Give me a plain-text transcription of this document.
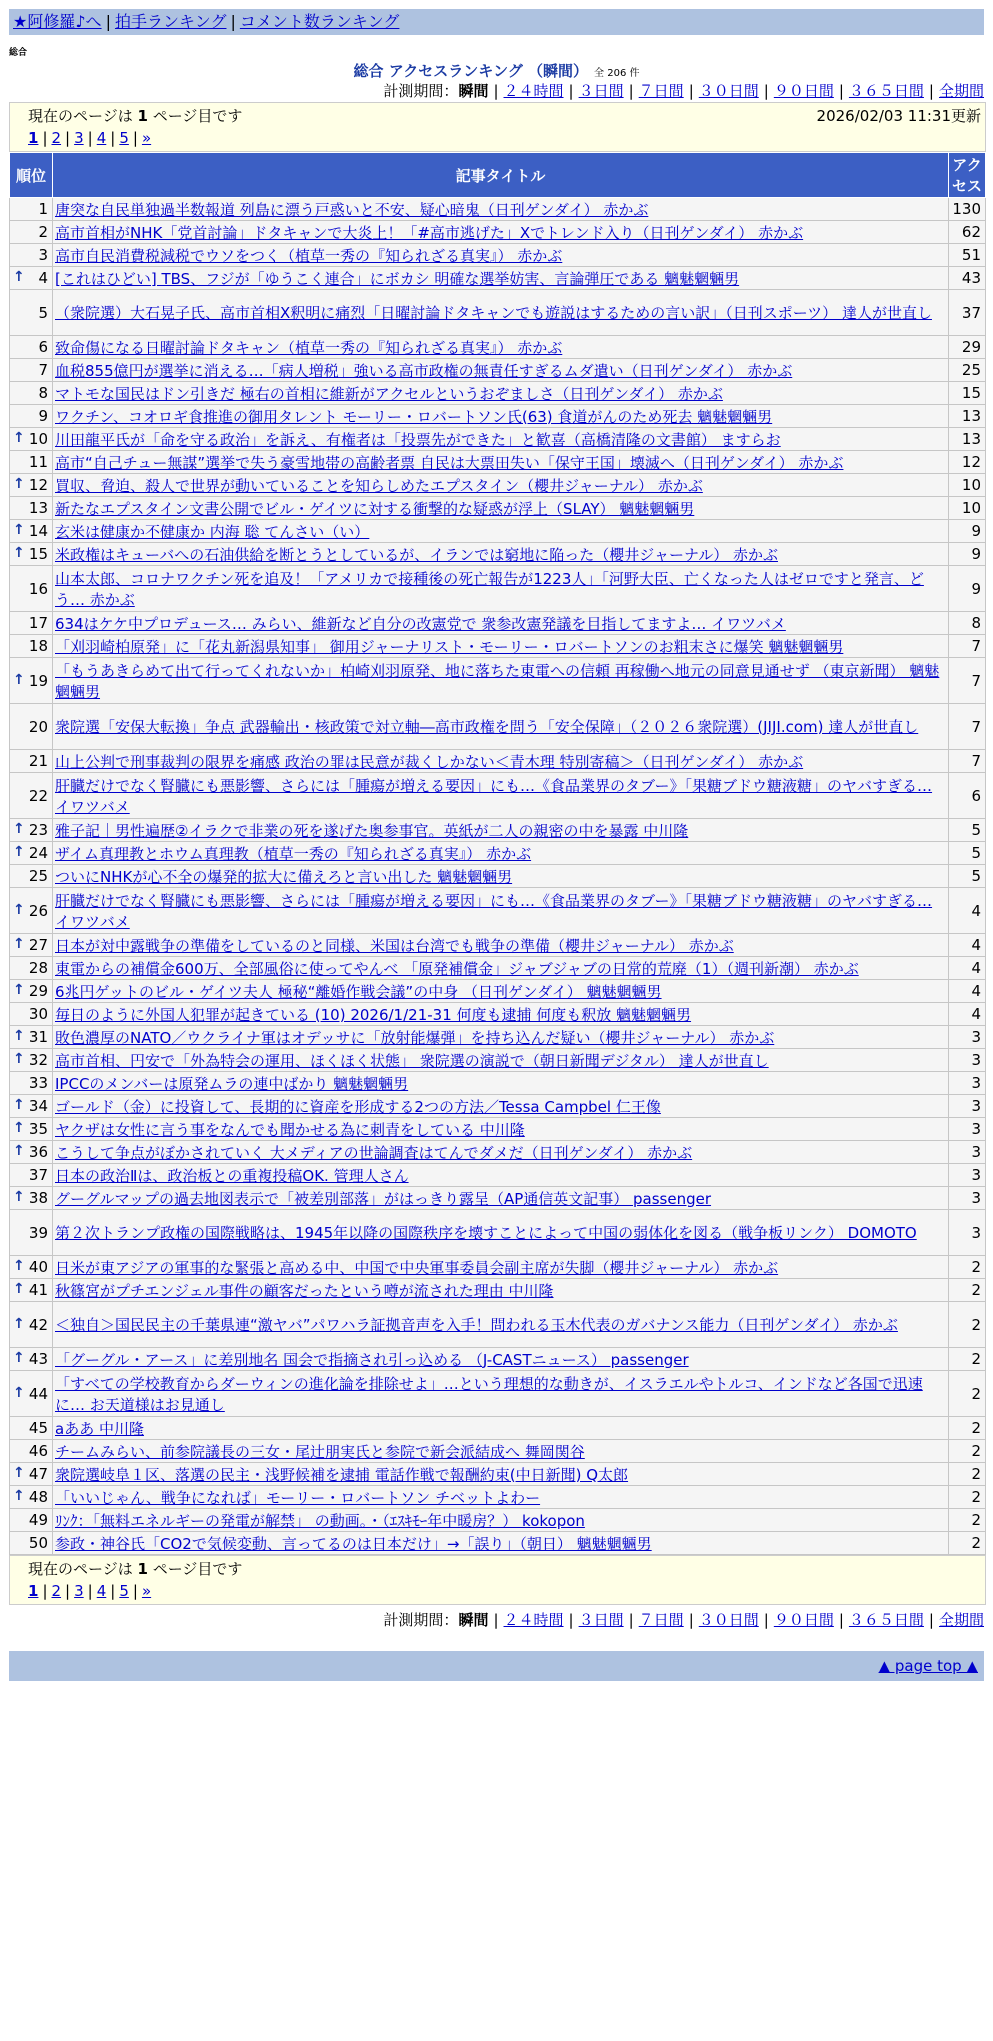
★阿修羅♪へ | 拍手ランキング | コメント数ランキング
総合
総合 アクセスランキング （瞬間） 全 206 件
計測期間：瞬間 | ２４時間 | ３日間 | ７日間 | ３０日間 | ９０日間 | ３６５日間 | 全期間
現在のページは 1 ページ目です	2026/02/03 11:31更新
1 | 2 | 3 | 4 | 5 | »
順位	記事タイトル	アクセス
1	唐突な自民単独過半数報道 列島に漂う戸惑いと不安、疑心暗鬼（日刊ゲンダイ） 赤かぶ	130
2	高市首相がNHK「党首討論」ドタキャンで大炎上！「#高市逃げた」Xでトレンド入り（日刊ゲンダイ） 赤かぶ	62
3	高市自民消費税減税でウソをつく（植草一秀の『知られざる真実』） 赤かぶ	51

↑ 4	[これはひどい] TBS、フジが「ゆうこく連合」にボカシ 明確な選挙妨害、言論弾圧である 魑魅魍魎男	43
5	（衆院選）大石晃子氏、高市首相X釈明に痛烈「日曜討論ドタキャンでも遊説はするための言い訳」（日刊スポーツ） 達人が世直し	37
6	致命傷になる日曜討論ドタキャン（植草一秀の『知られざる真実』） 赤かぶ	29
7	血税855億円が選挙に消える…「病人増税」強いる高市政権の無責任すぎるムダ遣い（日刊ゲンダイ） 赤かぶ	25
8	マトモな国民はドン引きだ 極右の首相に維新がアクセルというおぞましさ（日刊ゲンダイ） 赤かぶ	15
9	ワクチン、コオロギ食推進の御用タレント モーリー・ロバートソン氏(63) 食道がんのため死去 魑魅魍魎男	13

↑ 10	川田龍平氏が「命を守る政治」を訴え、有権者は「投票先ができた」と歓喜（高橋清隆の文書館） ますらお	13
11	高市“自己チュー無謀”選挙で失う豪雪地帯の高齢者票 自民は大票田失い「保守王国」壊滅へ（日刊ゲンダイ） 赤かぶ	12

↑ 12	買収、脅迫、殺人で世界が動いていることを知らしめたエプスタイン（櫻井ジャーナル） 赤かぶ	10
13	新たなエプスタイン文書公開でビル・ゲイツに対する衝撃的な疑惑が浮上（SLAY） 魑魅魍魎男	10

↑ 14	玄米は健康か不健康か 内海 聡 てんさい（い）	9

↑ 15	米政権はキューバへの石油供給を断とうとしているが、イランでは窮地に陥った（櫻井ジャーナル） 赤かぶ	9
16	山本太郎、コロナワクチン死を追及！「アメリカで接種後の死亡報告が1223人」「河野大臣、亡くなった人はゼロですと発言、どう… 赤かぶ	9
17	634はケケ中プロデュース… みらい、維新など自分の改憲党で 衆参改憲発議を目指してますよ… イワツバメ	8
18	「刈羽崎柏原発」に「花丸新潟県知事」 御用ジャーナリスト・モーリー・ロバートソンのお粗末さに爆笑 魑魅魍魎男	7

↑ 19	「もうあきらめて出て行ってくれないか」柏崎刈羽原発、地に落ちた東電への信頼 再稼働へ地元の同意見通せず （東京新聞） 魑魅魍魎男	7
20	衆院選「安保大転換」争点 武器輸出・核政策で対立軸―高市政権を問う「安全保障」（２０２６衆院選）(JIJI.com) 達人が世直し	7
21	山上公判で刑事裁判の限界を痛感 政治の罪は民意が裁くしかない＜青木理 特別寄稿＞（日刊ゲンダイ） 赤かぶ	7
22	肝臓だけでなく腎臓にも悪影響、さらには「腫瘍が増える要因」にも…《食品業界のタブー》「果糖ブドウ糖液糖」のヤバすぎる… イワツバメ	6

↑ 23	雅子記｜男性遍歴②イラクで非業の死を遂げた奥参事官。英紙が二人の親密の中を暴露 中川隆	5

↑ 24	ザイム真理教とホウム真理教（植草一秀の『知られざる真実』） 赤かぶ	5
25	ついにNHKが心不全の爆発的拡大に備えろと言い出した 魑魅魍魎男	5

↑ 26	肝臓だけでなく腎臓にも悪影響、さらには「腫瘍が増える要因」にも…《食品業界のタブー》「果糖ブドウ糖液糖」のヤバすぎる… イワツバメ	4

↑ 27	日本が対中露戦争の準備をしているのと同様、米国は台湾でも戦争の準備（櫻井ジャーナル） 赤かぶ	4
28	東電からの補償金600万、全部風俗に使ってやんべ 「原発補償金」ジャブジャブの日常的荒廃（1）（週刊新潮） 赤かぶ	4

↑ 29	6兆円ゲットのビル・ゲイツ夫人 極秘“離婚作戦会議”の中身 （日刊ゲンダイ） 魑魅魍魎男	4
30	毎日のように外国人犯罪が起きている (10) 2026/1/21-31 何度も逮捕 何度も釈放 魑魅魍魎男	4

↑ 31	敗色濃厚のNATO／ウクライナ軍はオデッサに「放射能爆弾」を持ち込んだ疑い（櫻井ジャーナル） 赤かぶ	3

↑ 32	高市首相、円安で「外為特会の運用、ほくほく状態」 衆院選の演説で（朝日新聞デジタル） 達人が世直し	3
33	IPCCのメンバーは原発ムラの連中ばかり 魑魅魍魎男	3

↑ 34	ゴールド（金）に投資して、長期的に資産を形成する2つの方法／Tessa Campbel 仁王像	3

↑ 35	ヤクザは女性に言う事をなんでも聞かせる為に刺青をしている 中川隆	3

↑ 36	こうして争点がぼかされていく 大メディアの世論調査はてんでダメだ（日刊ゲンダイ） 赤かぶ	3
37	日本の政治Ⅱは、政治板との重複投稿OK. 管理人さん	3

↑ 38	グーグルマップの過去地図表示で「被差別部落」がはっきり露呈（AP通信英文記事） passenger	3
39	第２次トランプ政権の国際戦略は、1945年以降の国際秩序を壊すことによって中国の弱体化を図る（戦争板リンク） DOMOTO	3

↑ 40	日米が東アジアの軍事的な緊張と高める中、中国で中央軍事委員会副主席が失脚（櫻井ジャーナル） 赤かぶ	2

↑ 41	秋篠宮がプチエンジェル事件の顧客だったという噂が流された理由 中川隆	2

↑ 42	＜独自＞国民民主の千葉県連“激ヤバ”パワハラ証拠音声を入手！問われる玉木代表のガバナンス能力（日刊ゲンダイ） 赤かぶ	2

↑ 43	「グーグル・アース」に差別地名 国会で指摘され引っ込める （J-CASTニュース） passenger	2

↑ 44	「すべての学校教育からダーウィンの進化論を排除せよ」…という理想的な動きが、イスラエルやトルコ、インドなど各国で迅速に… お天道様はお見通し	2
45	aああ 中川隆	2
46	チームみらい、前参院議長の三女・尾辻朋実氏と参院で新会派結成へ 舞岡関谷	2

↑ 47	衆院選岐阜１区、落選の民主・浅野候補を逮捕 電話作戦で報酬約束(中日新聞) Q太郎	2

↑ 48	「いいじゃん、戦争になれば」モーリー・ロバートソン チベットよわー	2
49	ﾘﾝｸ：「無料エネルギーの発電が解禁」 の動画。・（ｴｽｷﾓｰ年中暖房？） kokopon	2
50	参政・神谷氏「CO2で気候変動、言ってるのは日本だけ」→「誤り」（朝日） 魑魅魍魎男	2
現在のページは 1 ページ目です
1 | 2 | 3 | 4 | 5 | »
計測期間：瞬間 | ２４時間 | ３日間 | ７日間 | ３０日間 | ９０日間 | ３６５日間 | 全期間
▲ page top ▲
